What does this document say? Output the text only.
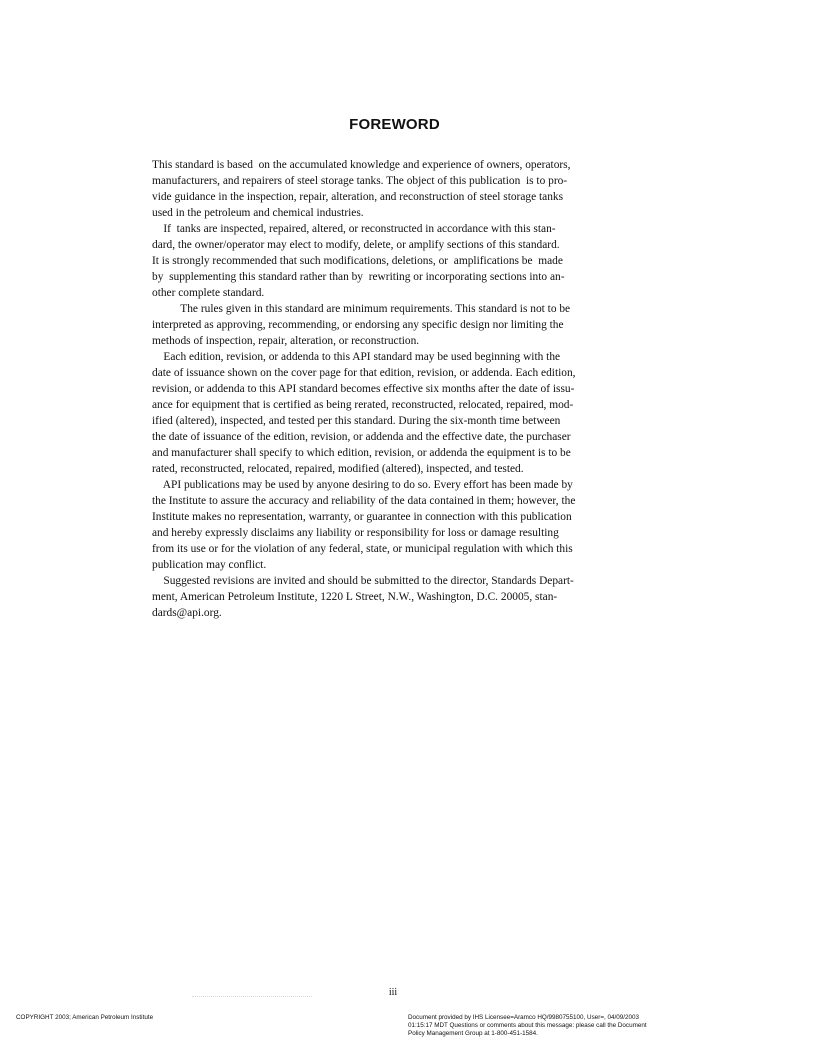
FOREWORD
This standard is based  on the accumulated knowledge and experience of owners, operators,
manufacturers, and repairers of steel storage tanks. The object of this publication  is to pro-
vide guidance in the inspection, repair, alteration, and reconstruction of steel storage tanks
used in the petroleum and chemical industries.
If  tanks are inspected, repaired, altered, or reconstructed in accordance with this stan-
dard, the owner/operator may elect to modify, delete, or amplify sections of this standard.
It is strongly recommended that such modifications, deletions, or  amplifications be  made
by  supplementing this standard rather than by  rewriting or incorporating sections into an-
other complete standard.
The rules given in this standard are minimum requirements. This standard is not to be
interpreted as approving, recommending, or endorsing any specific design nor limiting the
methods of inspection, repair, alteration, or reconstruction.
Each edition, revision, or addenda to this API standard may be used beginning with the
date of issuance shown on the cover page for that edition, revision, or addenda. Each edition,
revision, or addenda to this API standard becomes effective six months after the date of issu-
ance for equipment that is certified as being rerated, reconstructed, relocated, repaired, mod-
ified (altered), inspected, and tested per this standard. During the six-month time between
the date of issuance of the edition, revision, or addenda and the effective date, the purchaser
and manufacturer shall specify to which edition, revision, or addenda the equipment is to be
rated, reconstructed, relocated, repaired, modified (altered), inspected, and tested.
API publications may be used by anyone desiring to do so. Every effort has been made by
the Institute to assure the accuracy and reliability of the data contained in them; however, the
Institute makes no representation, warranty, or guarantee in connection with this publication
and hereby expressly disclaims any liability or responsibility for loss or damage resulting
from its use or for the violation of any federal, state, or municipal regulation with which this
publication may conflict.
Suggested revisions are invited and should be submitted to the director, Standards Depart-
ment, American Petroleum Institute, 1220 L Street, N.W., Washington, D.C. 20005, stan-
dards@api.org.
iii
COPYRIGHT 2003; American Petroleum Institute	Document provided by IHS Licensee=Aramco HQ/9980755100, User=, 04/09/2003
01:15:17 MDT Questions or comments about this message: please call the Document
Policy Management Group at 1-800-451-1584.
